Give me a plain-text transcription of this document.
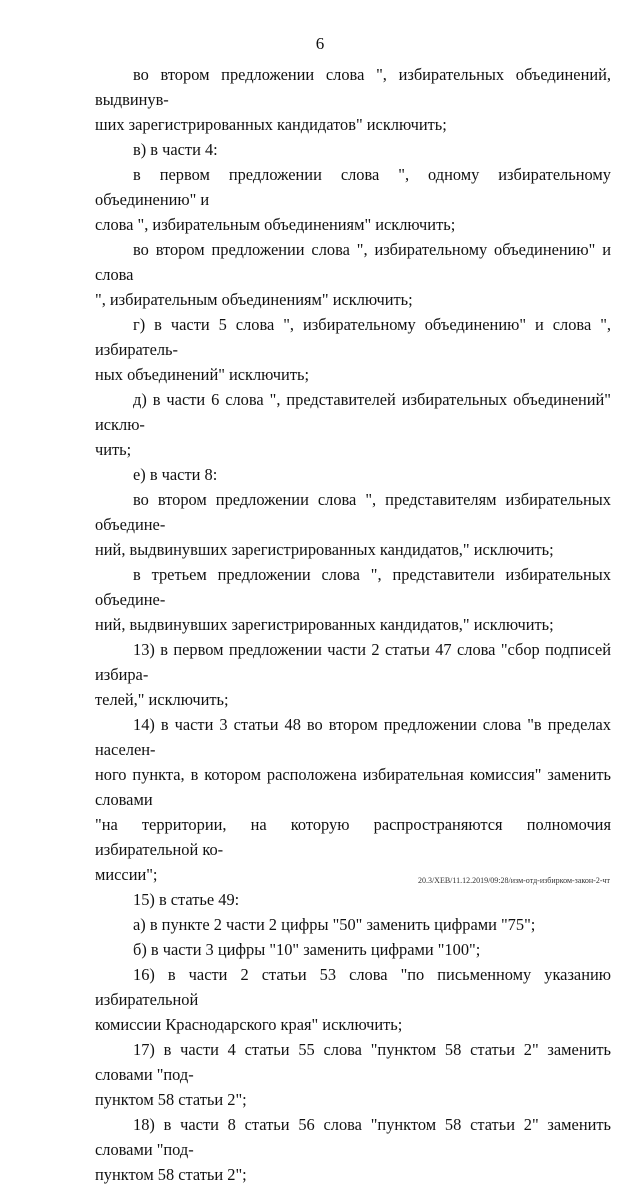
6

во втором предложении слова ", избирательных объединений, выдвинув-
ших зарегистрированных кандидатов" исключить;

в) в части 4:

в первом предложении слова ", одному избирательному объединению" и
слова ", избирательным объединениям" исключить;

во втором предложении слова ", избирательному объединению" и слова
", избирательным объединениям" исключить;

г) в части 5 слова ", избирательному объединению" и слова ", избиратель-
ных объединений" исключить;

д) в части 6 слова ", представителей избирательных объединений" исклю-
чить;

е) в части 8:

во втором предложении слова ", представителям избирательных объедине-
ний, выдвинувших зарегистрированных кандидатов," исключить;

в третьем предложении слова ", представители избирательных объедине-
ний, выдвинувших зарегистрированных кандидатов," исключить;

13) в первом предложении части 2 статьи 47 слова "сбор подписей избира-
телей," исключить;

14) в части 3 статьи 48 во втором предложении слова "в пределах населен-
ного пункта, в котором расположена избирательная комиссия" заменить словами
"на территории, на которую распространяются полномочия избирательной ко-
миссии";

15) в статье 49:

а) в пункте 2 части 2 цифры "50" заменить цифрами "75";

б) в части 3 цифры "10" заменить цифрами "100";

16) в части 2 статьи 53 слова "по письменному указанию избирательной
комиссии Краснодарского края" исключить;

17) в части 4 статьи 55 слова "пунктом 58 статьи 2" заменить словами "под-
пунктом 58 статьи 2";

18) в части 8 статьи 56 слова "пунктом 58 статьи 2" заменить словами "под-
пунктом 58 статьи 2";

20.3/XEB/11.12.2019/09:28/изм-отд-избирком-закон-2-чт
